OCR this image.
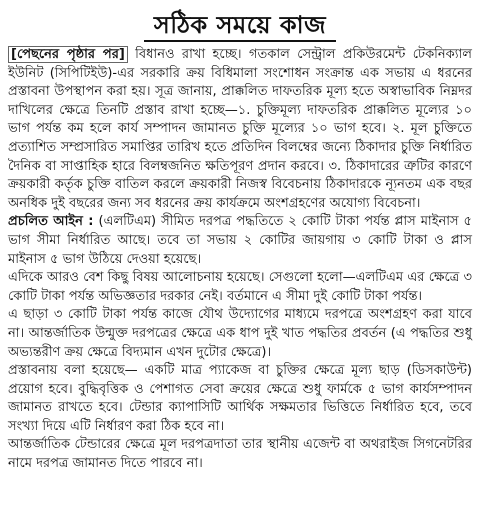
সঠিক সময়ে কাজ

[পেছনের পৃষ্ঠার পর] বিধানও রাখা হচ্ছে। গতকাল সেন্ট্রাল প্রকিউরমেন্ট টেকনিক্যাল ইউনিট (সিপিটিইউ)-এর সরকারি ক্রয় বিধিমালা সংশোধন সংক্রান্ত এক সভায় এ ধরনের প্রস্তাবনা উপস্থাপন করা হয়। সূত্র জানায়, প্রাক্কলিত দাফতরিক মূল্য হতে অস্বাভাবিক নিম্নদর দাখিলের ক্ষেত্রে তিনটি প্রস্তাব রাখা হচ্ছে—১. চুক্তিমূল্য দাফতরিক প্রাক্কলিত মূল্যের ১০ ভাগ পর্যন্ত কম হলে কার্য সম্পাদন জামানত চুক্তি মূল্যের ১০ ভাগ হবে। ২. মূল চুক্তিতে প্রত্যাশিত সম্প্রসারিত সমাপ্তির তারিখ হতে প্রতিদিন বিলম্বের জন্যে ঠিকাদার চুক্তি নির্ধারিত দৈনিক বা সাপ্তাহিক হারে বিলম্বজনিত ক্ষতিপূরণ প্রদান করবে। ৩. ঠিকাদারের ত্রুটির কারণে ক্রয়কারী কর্তৃক চুক্তি বাতিল করলে ক্রয়কারী নিজস্ব বিবেচনায় ঠিকাদারকে ন্যূনতম এক বছর অনধিক দুই বছরের জন্য সব ধরনের ক্রয় কার্যক্রমে অংশগ্রহণের অযোগ্য বিবেচনা।

প্রচলিত আইন : (এলটিএম) সীমিত দরপত্র পদ্ধতিতে ২ কোটি টাকা পর্যন্ত প্লাস মাইনাস ৫ ভাগ সীমা নির্ধারিত আছে। তবে তা সভায় ২ কোটির জায়গায় ৩ কোটি টাকা ও প্লাস মাইনাস ৫ ভাগ উঠিয়ে দেওয়া হয়েছে।

এদিকে আরও বেশ কিছু বিষয় আলোচনায় হয়েছে। সেগুলো হলো—এলটিএম এর ক্ষেত্রে ৩ কোটি টাকা পর্যন্ত অভিজ্ঞতার দরকার নেই। বর্তমানে এ সীমা দুই কোটি টাকা পর্যন্ত।

এ ছাড়া ৩ কোটি টাকা পর্যন্ত কাজে যৌথ উদ্যোগের মাধ্যমে দরপত্রে অংশগ্রহণ করা যাবে না। আন্তর্জাতিক উন্মুক্ত দরপত্রের ক্ষেত্রে এক ধাপ দুই খাত পদ্ধতির প্রবর্তন (এ পদ্ধতির শুধু অভ্যন্তরীণ ক্রয় ক্ষেত্রে বিদ্যমান এখন দুটোর ক্ষেত্রে)।

প্রস্তাবনায় বলা হয়েছে— একটি মাত্র প্যাকেজ বা চুক্তির ক্ষেত্রে মূল্য ছাড় (ডিসকাউন্ট) প্রয়োগ হবে। বুদ্ধিবৃত্তিক ও পেশাগত সেবা ক্রয়ের ক্ষেত্রে শুধু ফার্মকে ৫ ভাগ কার্যসম্পাদন জামানত রাখতে হবে। টেন্ডার ক্যাপাসিটি আর্থিক সক্ষমতার ভিত্তিতে নির্ধারিত হবে, তবে সংখ্যা দিয়ে এটি নির্ধারণ করা ঠিক হবে না।

আন্তর্জাতিক টেন্ডারের ক্ষেত্রে মূল দরপত্রদাতা তার স্থানীয় এজেন্ট বা অথরাইজ সিগনেটরির নামে দরপত্র জামানত দিতে পারবে না।
